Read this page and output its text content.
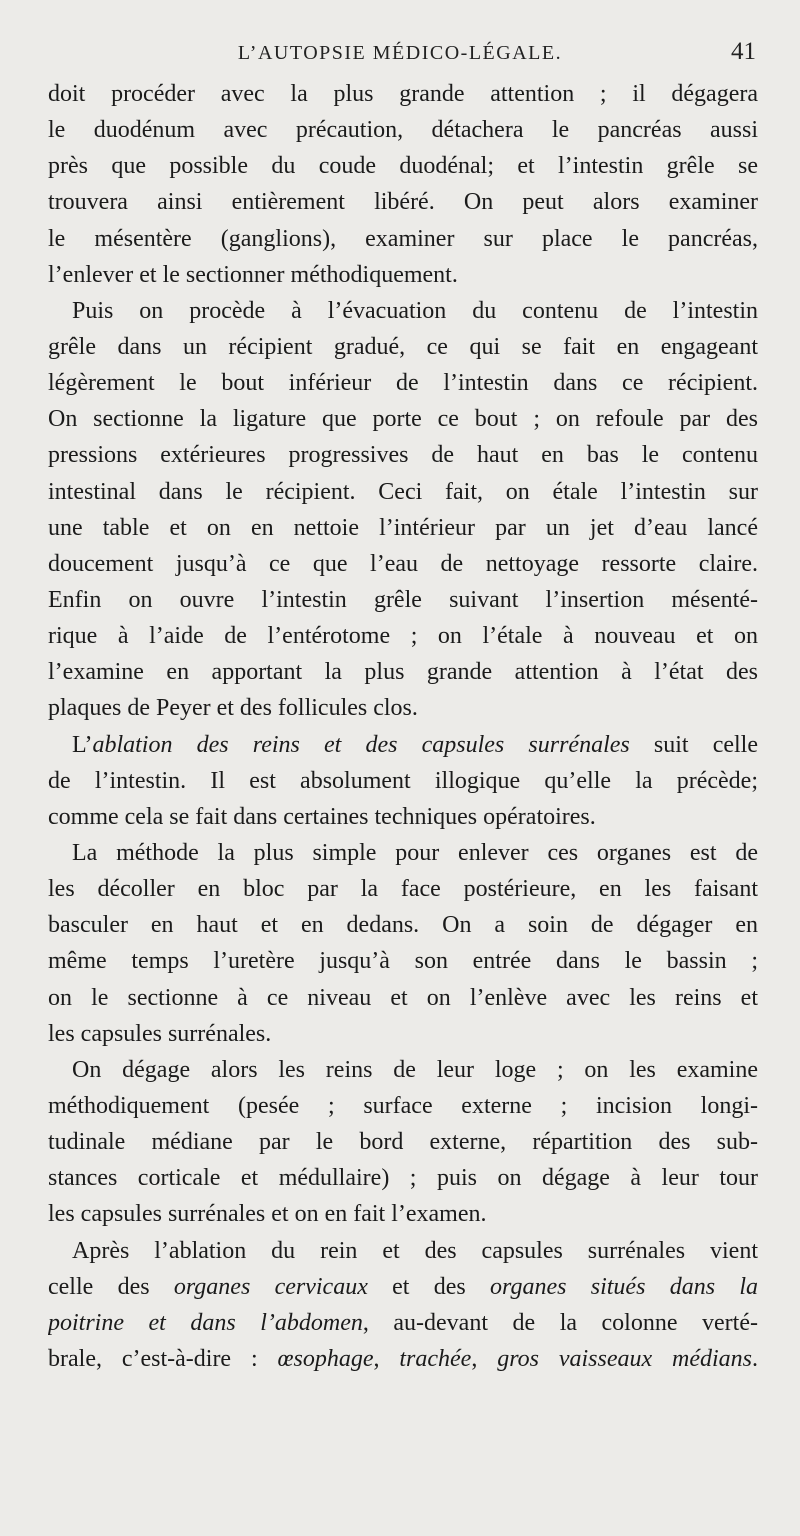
L’AUTOPSIE MÉDICO-LÉGALE.	41
doit procéder avec la plus grande attention ; il dégagera
le duodénum avec précaution, détachera le pancréas aussi
près que possible du coude duodénal; et l’intestin grêle se
trouvera ainsi entièrement libéré. On peut alors examiner
le mésentère (ganglions), examiner sur place le pancréas,
l’enlever et le sectionner méthodiquement.
Puis on procède à l’évacuation du contenu de l’intestin
grêle dans un récipient gradué, ce qui se fait en engageant
légèrement le bout inférieur de l’intestin dans ce récipient.
On sectionne la ligature que porte ce bout ; on refoule par des
pressions extérieures progressives de haut en bas le contenu
intestinal dans le récipient. Ceci fait, on étale l’intestin sur
une table et on en nettoie l’intérieur par un jet d’eau lancé
doucement jusqu’à ce que l’eau de nettoyage ressorte claire.
Enfin on ouvre l’intestin grêle suivant l’insertion mésenté-
rique à l’aide de l’entérotome ; on l’étale à nouveau et on
l’examine en apportant la plus grande attention à l’état des
plaques de Peyer et des follicules clos.
L’ablation des reins et des capsules surrénales suit celle
de l’intestin. Il est absolument illogique qu’elle la précède;
comme cela se fait dans certaines techniques opératoires.
La méthode la plus simple pour enlever ces organes est de
les décoller en bloc par la face postérieure, en les faisant
basculer en haut et en dedans. On a soin de dégager en
même temps l’uretère jusqu’à son entrée dans le bassin ;
on le sectionne à ce niveau et on l’enlève avec les reins et
les capsules surrénales.
On dégage alors les reins de leur loge ; on les examine
méthodiquement (pesée ; surface externe ; incision longi-
tudinale médiane par le bord externe, répartition des sub-
stances corticale et médullaire) ; puis on dégage à leur tour
les capsules surrénales et on en fait l’examen.
Après l’ablation du rein et des capsules surrénales vient
celle des organes cervicaux et des organes situés dans la
poitrine et dans l’abdomen, au-devant de la colonne verté-
brale, c’est-à-dire : œsophage, trachée, gros vaisseaux médians.
